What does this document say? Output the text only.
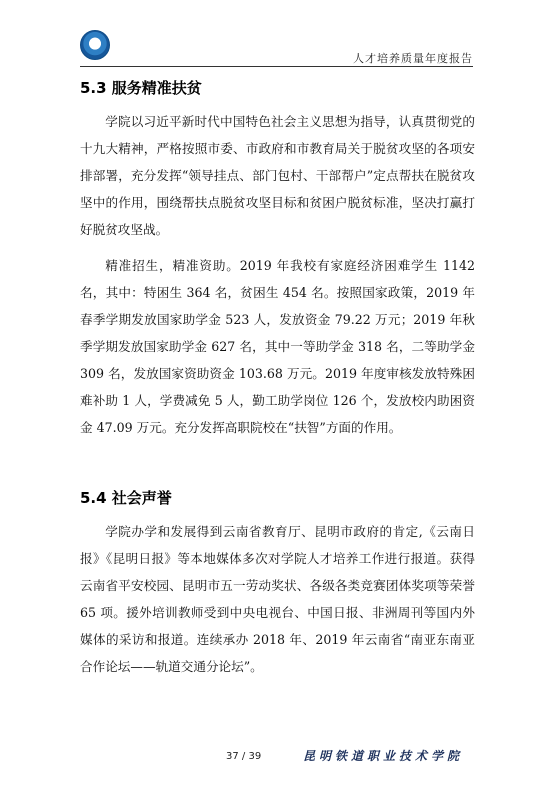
人才培养质量年度报告
5.3 服务精准扶贫

学院以习近平新时代中国特色社会主义思想为指导，认真贯彻党的十九大精神，严格按照市委、市政府和市教育局关于脱贫攻坚的各项安排部署，充分发挥“领导挂点、部门包村、干部帮户”定点帮扶在脱贫攻坚中的作用，围绕帮扶点脱贫攻坚目标和贫困户脱贫标准，坚决打赢打好脱贫攻坚战。

精准招生，精准资助。2019 年我校有家庭经济困难学生 1142 名，其中：特困生 364 名，贫困生 454 名。按照国家政策，2019 年春季学期发放国家助学金 523 人，发放资金 79.22 万元；2019 年秋季学期发放国家助学金 627 名，其中一等助学金 318 名，二等助学金 309 名，发放国家资助资金 103.68 万元。2019 年度审核发放特殊困难补助 1 人，学费减免 5 人，勤工助学岗位 126 个，发放校内助困资金 47.09 万元。充分发挥高职院校在“扶智”方面的作用。

5.4 社会声誉

学院办学和发展得到云南省教育厅、昆明市政府的肯定,《云南日报》《昆明日报》等本地媒体多次对学院人才培养工作进行报道。获得云南省平安校园、昆明市五一劳动奖状、各级各类竞赛团体奖项等荣誉 65 项。援外培训教师受到中央电视台、中国日报、非洲周刊等国内外媒体的采访和报道。连续承办 2018 年、2019 年云南省“南亚东南亚合作论坛——轨道交通分论坛”。

37 / 39	昆明铁道职业技术学院
